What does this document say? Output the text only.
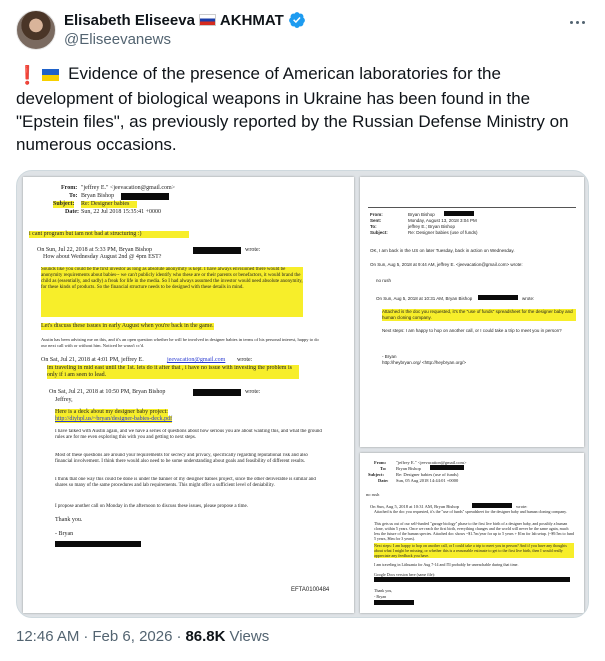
Elisabeth Eliseeva AKHMAT
@Eliseevanews
❗ Evidence of the presence of American laboratories for the development of biological weapons in Ukraine has been found in the "Epstein files", as previously reported by the Russian Defense Ministry on numerous occasions.
From: "jeffrey E." <jeevacation@gmail.com>
To: Bryan Bishop
Subject: Re: Designer babies
Date: Sun, 22 Jul 2018 15:35:41 +0000
i cant program but iam not bad at structuring :)
On Sun, Jul 22, 2018 at 5:33 PM, Bryan Bishop	wrote:
How about Wednesday August 2nd @ 4pm EST?
Sounds like you could be the first investor as long as absolute anonymity is kept. I have always envisioned there would be anonymity requirements about babies-- we can't publicly identify who these are or their parents or benefactors, it would brand the child as (essentially, and sadly) a freak for life in the media. So I had always assumed the investor would need absolute anonymity, for these kinds of products. So the financial structure needs to be designed with these details in mind.
Let's discuss these issues in early August when you're back in the game.
Austin has been advising me on this, and it's an open question whether he will be involved in designer babies in terms of his personal interest, happy to do our next call with or without him. Noticed he wasn't cc'd.
On Sat, Jul 21, 2018 at 4:01 PM, jeffrey E.	jeevacation@gmail.com wrote:
im traveling in mid east until the 1st. lets do it after that , i have no issue with investing the problem is only if i am seen to lead.
On Sat, Jul 21, 2018 at 10:50 PM, Bryan Bishop	wrote:
Jeffrey,
Here is a deck about my designer baby project:
http://diyhpl.us/~bryan/designer-babies-deck.pdf
I have talked with Austin again, and we have a series of questions about how serious you are about wanting this, and what the ground rules are for me even exploring this with you and getting to next steps.
Most of these questions are around your requirements for secrecy and privacy, specifically regarding reputational risk and also financial involvement. I think there would also need to be some understanding about goals and feasibility of different results.
I think that one way this could be done is under the banner of my designer babies project, since the other deliverable is similar and shares so many of the same procedures and lab requirements. This might offer a sufficient level of deniability.
I propose another call on Monday in the afternoon to discuss these issues, please propose a time.
Thank you.
- Bryan
EFTA0100484
From:	Bryan Bishop
Sent:	Monday, August 13, 2018 3:04 PM
To:	jeffrey E.; Bryan Bishop
Subject:	Re: Designer babies (use of funds)
OK, I am back in the US on later Tuesday, back in action on Wednesday.
On Sun, Aug 5, 2018 at 9:44 AM, jeffrey E. <jeevacation@gmail.com> wrote:
no rush
On Sun, Aug 5, 2018 at 10:31 AM, Bryan Bishop	wrote:
Attached is the doc you requested, it's the "use of funds" spreadsheet for the designer baby and human cloning company.
Next steps: I am happy to hop on another call, or I could take a trip to meet you in person?
- Bryan
http://heybryan.org/ <http://heybryan.org/>
From: "jeffrey E." <jeevacation@gmail.com>
To: Bryan Bishop
Subject:	Re: Designer babies (use of funds)
Date: Sun, 05 Aug 2018 14:44:01 +0000
no rush
On Sun, Aug 5, 2018 at 10:31 AM, Bryan Bishop	wrote:
Attached is the doc you requested, it's the "use of funds" spreadsheet for the designer baby and human cloning company.
This gets us out of our self-funded "garage biology" phase to the first live birth of a designer baby, and possibly a human clone, within 5 years. Once we reach the first birth, everything changes and the world will never be the same again, much less the future of the human species. Attached doc shows ~$1.7m/year for up to 5 years + $1m for lab setup. (~$9.5m to fund 5 years, $6m for 3 years).
Next steps: I am happy to hop on another call, or I could take a trip to meet you in person? And if you have any thoughts about what I might be missing, or whether this is a reasonable estimate to get to the first live birth, then I would really appreciate any feedback you have.
I am traveling in Lithuania for Aug 7-14 and I'll probably be unreachable during that time.
Google Docs version here (same file):
Thank you,
- Bryan
12:46 AM · Feb 6, 2026 · 86.8K Views
